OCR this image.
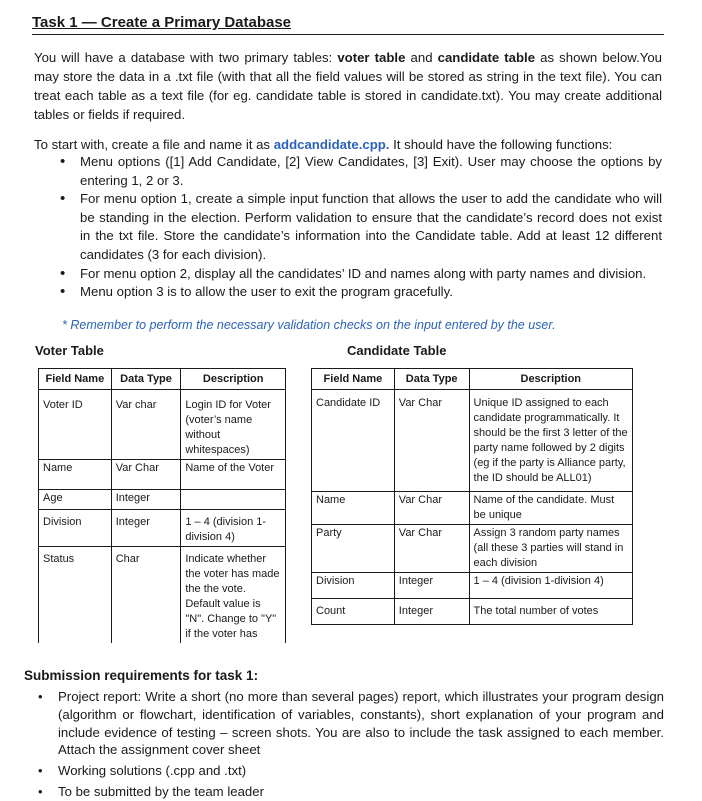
Task 1 — Create a Primary Database
You will have a database with two primary tables: voter table and candidate table as shown below.You may store the data in a .txt file (with that all the field values will be stored as string in the text file). You can treat each table as a text file (for eg. candidate table is stored in candidate.txt). You may create additional tables or fields if required.
To start with, create a file and name it as addcandidate.cpp. It should have the following functions:
• Menu options ([1] Add Candidate, [2] View Candidates, [3] Exit). User may choose the options by entering 1, 2 or 3.
• For menu option 1, create a simple input function that allows the user to add the candidate who will be standing in the election. Perform validation to ensure that the candidate’s record does not exist in the txt file. Store the candidate’s information into the Candidate table. Add at least 12 different candidates (3 for each division).
• For menu option 2, display all the candidates’ ID and names along with party names and division.
• Menu option 3 is to allow the user to exit the program gracefully.
* Remember to perform the necessary validation checks on the input entered by the user.
Voter Table	Candidate Table
Field Name	Data Type	Description
Voter ID	Var char	Login ID for Voter (voter’s name without whitespaces)
Name	Var Char	Name of the Voter
Age	Integer	
Division	Integer	1 – 4 (division 1-division 4)
Status	Char	Indicate whether the voter has made the the vote. Default value is "N". Change to "Y" if the voter has
Field Name	Data Type	Description
Candidate ID	Var Char	Unique ID assigned to each candidate programmatically. It should be the first 3 letter of the party name followed by 2 digits (eg if the party is Alliance party, the ID should be ALL01)
Name	Var Char	Name of the candidate. Must be unique
Party	Var Char	Assign 3 random party names (all these 3 parties will stand in each division
Division	Integer	1 – 4 (division 1-division 4)
Count	Integer	The total number of votes
Submission requirements for task 1:
• Project report: Write a short (no more than several pages) report, which illustrates your program design (algorithm or flowchart, identification of variables, constants), short explanation of your program and include evidence of testing – screen shots. You are also to include the task assigned to each member. Attach the assignment cover sheet
• Working solutions (.cpp and .txt)
• To be submitted by the team leader
